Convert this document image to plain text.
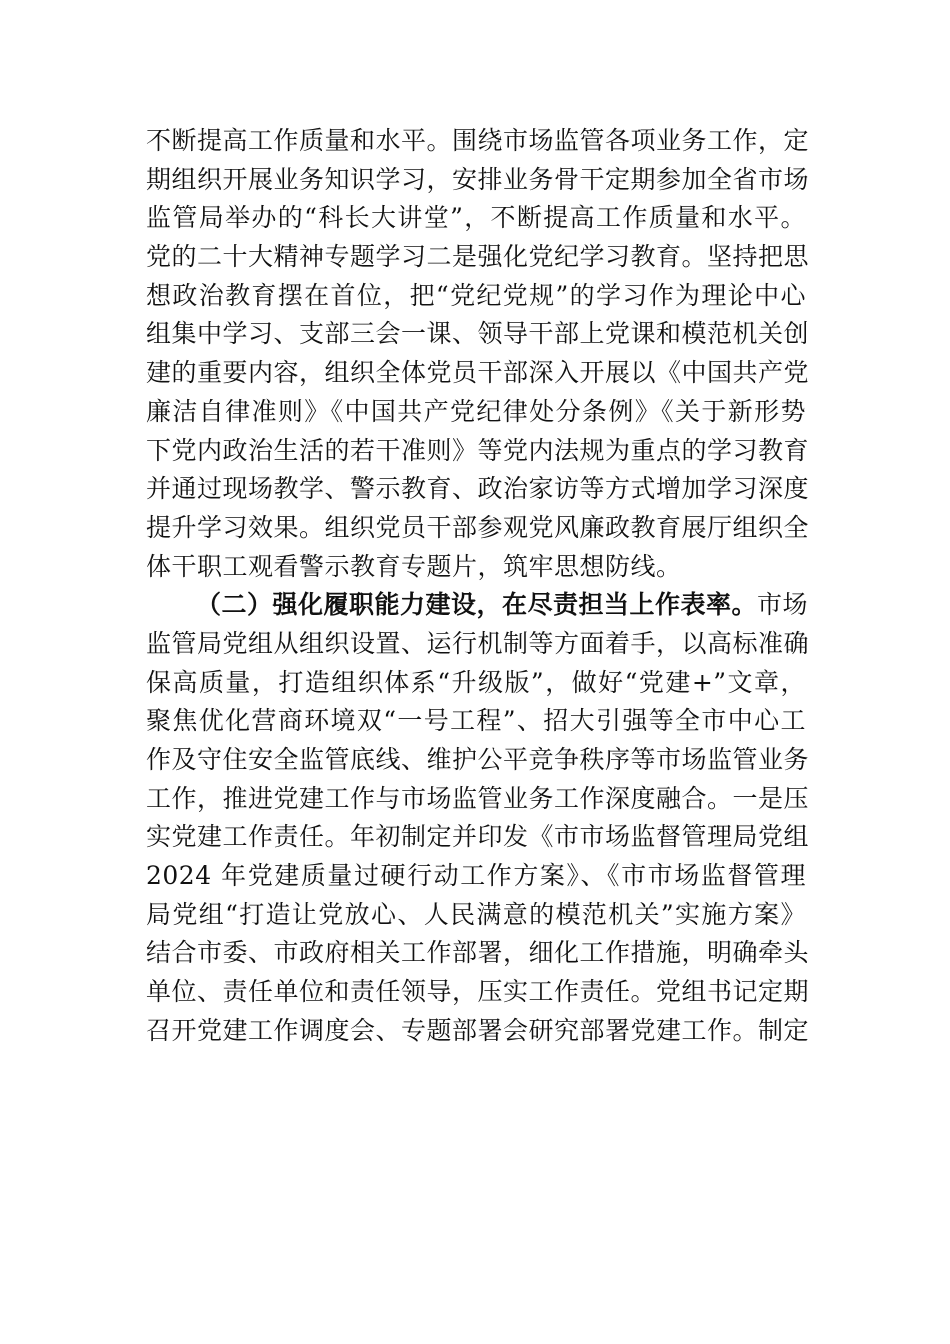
不断提高工作质量和水平。围绕市场监管各项业务工作，定
期组织开展业务知识学习，安排业务骨干定期参加全省市场
监管局举办的“科长大讲堂”，不断提高工作质量和水平。
党的二十大精神专题学习二是强化党纪学习教育。坚持把思
想政治教育摆在首位，把“党纪党规”的学习作为理论中心
组集中学习、支部三会一课、领导干部上党课和模范机关创
建的重要内容，组织全体党员干部深入开展以《中国共产党
廉洁自律准则》《中国共产党纪律处分条例》《关于新形势
下党内政治生活的若干准则》等党内法规为重点的学习教育
并通过现场教学、警示教育、政治家访等方式增加学习深度
提升学习效果。组织党员干部参观党风廉政教育展厅组织全
体干职工观看警示教育专题片，筑牢思想防线。
（二）强化履职能力建设，在尽责担当上作表率。市场
监管局党组从组织设置、运行机制等方面着手，以高标准确
保高质量，打造组织体系“升级版”，做好“党建+”文章，
聚焦优化营商环境双“一号工程”、招大引强等全市中心工
作及守住安全监管底线、维护公平竞争秩序等市场监管业务
工作，推进党建工作与市场监管业务工作深度融合。一是压
实党建工作责任。年初制定并印发《市市场监督管理局党组
2024 年党建质量过硬行动工作方案》、《市市场监督管理
局党组“打造让党放心、人民满意的模范机关”实施方案》
结合市委、市政府相关工作部署，细化工作措施，明确牵头
单位、责任单位和责任领导，压实工作责任。党组书记定期
召开党建工作调度会、专题部署会研究部署党建工作。制定
